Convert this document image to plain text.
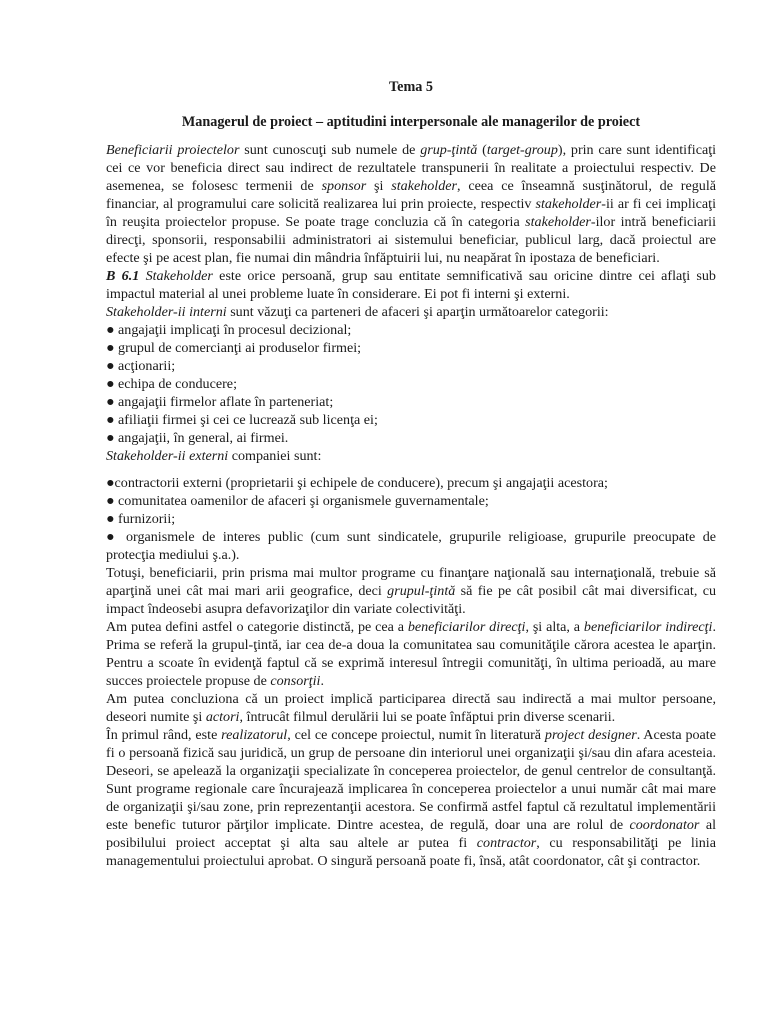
Tema 5
Managerul de proiect – aptitudini interpersonale ale managerilor de proiect

Beneficiarii proiectelor sunt cunoscuţi sub numele de grup-ţintă (target-group), prin care sunt identificaţi cei ce vor beneficia direct sau indirect de rezultatele transpunerii în realitate a proiectului respectiv. De asemenea, se folosesc termenii de sponsor şi stakeholder, ceea ce înseamnă susţinătorul, de regulă financiar, al programului care solicită realizarea lui prin proiecte, respectiv stakeholder-ii ar fi cei implicaţi în reuşita proiectelor propuse. Se poate trage concluzia că în categoria stakeholder-ilor intră beneficiarii direcţi, sponsorii, responsabilii administratori ai sistemului beneficiar, publicul larg, dacă proiectul are efecte şi pe acest plan, fie numai din mândria înfăptuirii lui, nu neapărat în ipostaza de beneficiari.

B 6.1 Stakeholder este orice persoană, grup sau entitate semnificativă sau oricine dintre cei aflaţi sub impactul material al unei probleme luate în considerare. Ei pot fi interni şi externi.

Stakeholder-ii interni sunt văzuţi ca parteneri de afaceri şi aparţin următoarelor categorii:

● angajaţii implicaţi în procesul decizional;
● grupul de comercianţi ai produselor firmei;
● acţionarii;
● echipa de conducere;
● angajaţii firmelor aflate în parteneriat;
● afiliaţii firmei şi cei ce lucrează sub licenţa ei;
● angajaţii, în general, ai firmei.

Stakeholder-ii externi companiei sunt:

●contractorii externi (proprietarii şi echipele de conducere), precum şi angajaţii acestora;
● comunitatea oamenilor de afaceri şi organismele guvernamentale;
● furnizorii;
● organismele de interes public (cum sunt sindicatele, grupurile religioase, grupurile preocupate de protecţia mediului ş.a.).

Totuşi, beneficiarii, prin prisma mai multor programe cu finanţare naţională sau internaţională, trebuie să aparţină unei cât mai mari arii geografice, deci grupul-ţintă să fie pe cât posibil cât mai diversificat, cu impact îndeosebi asupra defavorizaţilor din variate colectivităţi.

Am putea defini astfel o categorie distinctă, pe cea a beneficiarilor direcţi, şi alta, a beneficiarilor indirecţi. Prima se referă la grupul-ţintă, iar cea de-a doua la comunitatea sau comunităţile cărora acestea le aparţin. Pentru a scoate în evidenţă faptul că se exprimă interesul întregii comunităţi, în ultima perioadă, au mare succes proiectele propuse de consorţii.

Am putea concluziona că un proiect implică participarea directă sau indirectă a mai multor persoane, deseori numite şi actori, întrucât filmul derulării lui se poate înfăptui prin diverse scenarii.

În primul rând, este realizatorul, cel ce concepe proiectul, numit în literatură project designer. Acesta poate fi o persoană fizică sau juridică, un grup de persoane din interiorul unei organizaţii şi/sau din afara acesteia. Deseori, se apelează la organizaţii specializate în conceperea proiectelor, de genul centrelor de consultanţă. Sunt programe regionale care încurajează implicarea în conceperea proiectelor a unui număr cât mai mare de organizaţii şi/sau zone, prin reprezentanţii acestora. Se confirmă astfel faptul că rezultatul implementării este benefic tuturor părţilor implicate. Dintre acestea, de regulă, doar una are rolul de coordonator al posibilului proiect acceptat şi alta sau altele ar putea fi contractor, cu responsabilităţi pe linia managementului proiectului aprobat. O singură persoană poate fi, însă, atât coordonator, cât şi contractor.
